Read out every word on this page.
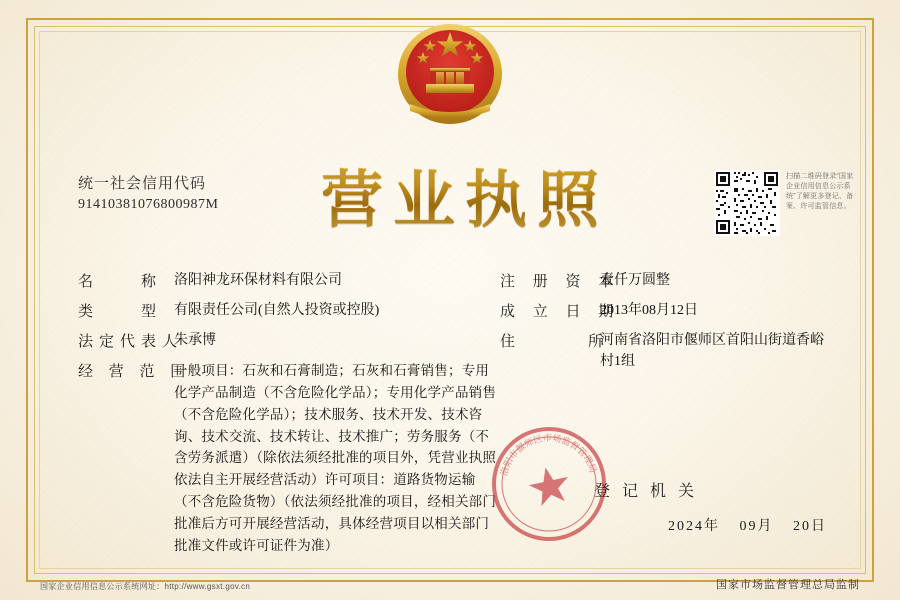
营业执照
统一社会信用代码
91410381076800987M
扫描二维码登录“国家企业信用信息公示系统”了解更多登记、备案、许可监管信息。
名　　称 洛阳神龙环保材料有限公司
类　　型 有限责任公司(自然人投资或控股)
法定代表人
朱承博
经 营 范 围
一般项目：石灰和石膏制造；石灰和石膏销售；专用化学产品制造（不含危险化学品）；专用化学产品销售（不含危险化学品）；技术服务、技术开发、技术咨询、技术交流、技术转让、技术推广；劳务服务（不含劳务派遣）（除依法须经批准的项目外，凭营业执照依法自主开展经营活动）许可项目：道路货物运输（不含危险货物）（依法须经批准的项目，经相关部门批准后方可开展经营活动，具体经营项目以相关部门批准文件或许可证件为准）
注 册 资 本
壹仟万圆整
成 立 日 期
2013年08月12日
住　　　所
河南省洛阳市偃师区首阳山街道香峪村1组
洛
阳
市
偃
师
区 市 场
监
督
管
理
局
登 记 机 关
2024年 09月 20日
国家企业信用信息公示系统网址：http://www.gsxt.gov.cn	国家市场监督管理总局监制
